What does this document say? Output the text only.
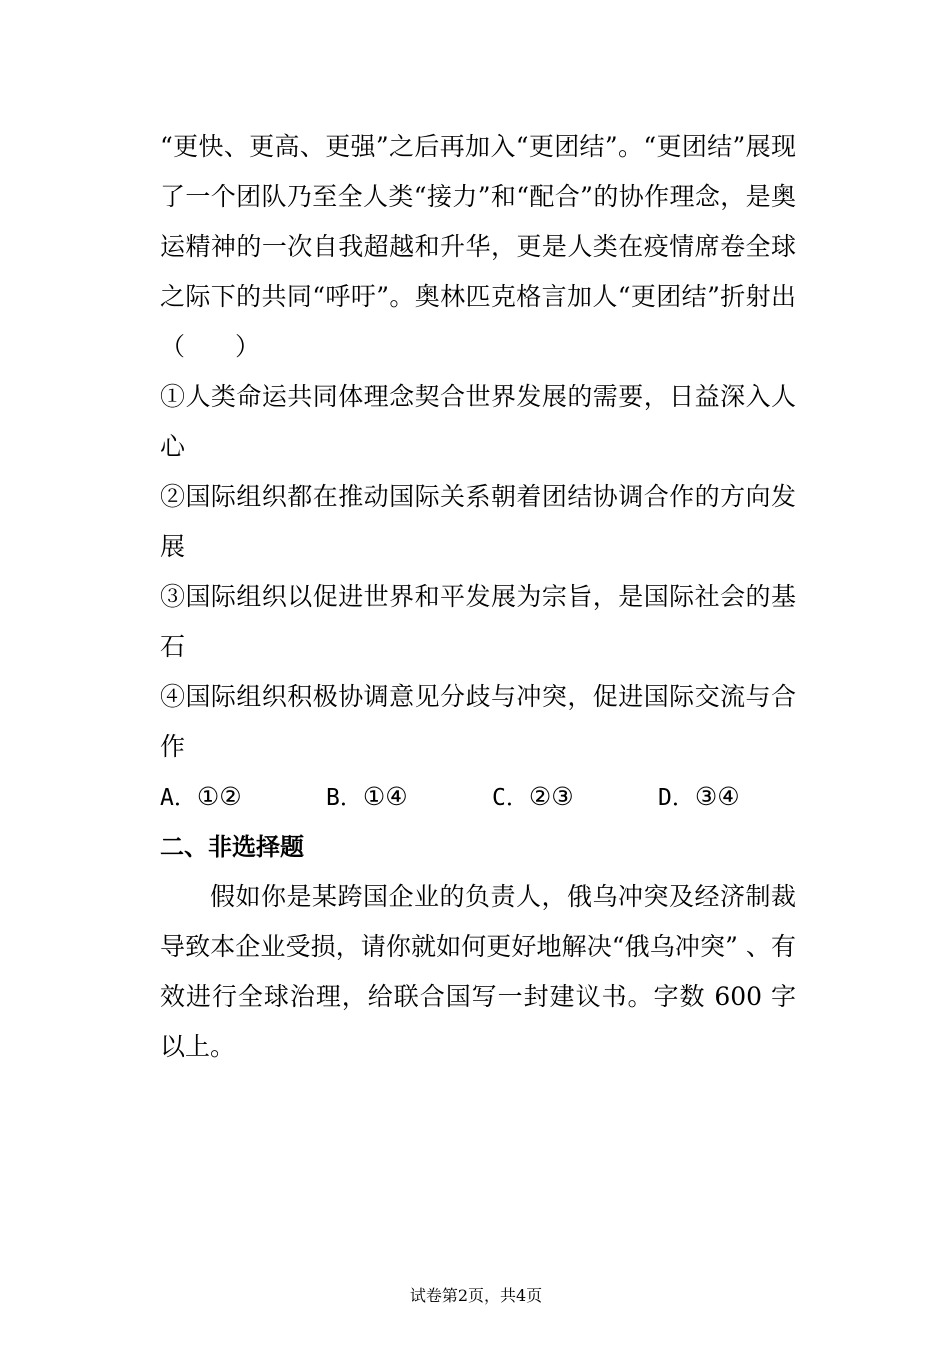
“更快、更高、更强”之后再加入“更团结”。“更团结”展现了一个团队乃至全人类“接力”和“配合”的协作理念，是奥运精神的一次自我超越和升华，更是人类在疫情席卷全球之际下的共同“呼吁”。奥林匹克格言加人“更团结”折射出（　　）

①人类命运共同体理念契合世界发展的需要，日益深入人心

②国际组织都在推动国际关系朝着团结协调合作的方向发展

③国际组织以促进世界和平发展为宗旨，是国际社会的基石

④国际组织积极协调意见分歧与冲突，促进国际交流与合作

A．①②	B．①④	C．②③	D．③④
二、非选择题

假如你是某跨国企业的负责人，俄乌冲突及经济制裁导致本企业受损，请你就如何更好地解决“俄乌冲突” 、有效进行全球治理，给联合国写一封建议书。字数 600 字以上。

试卷第2页，共4页
